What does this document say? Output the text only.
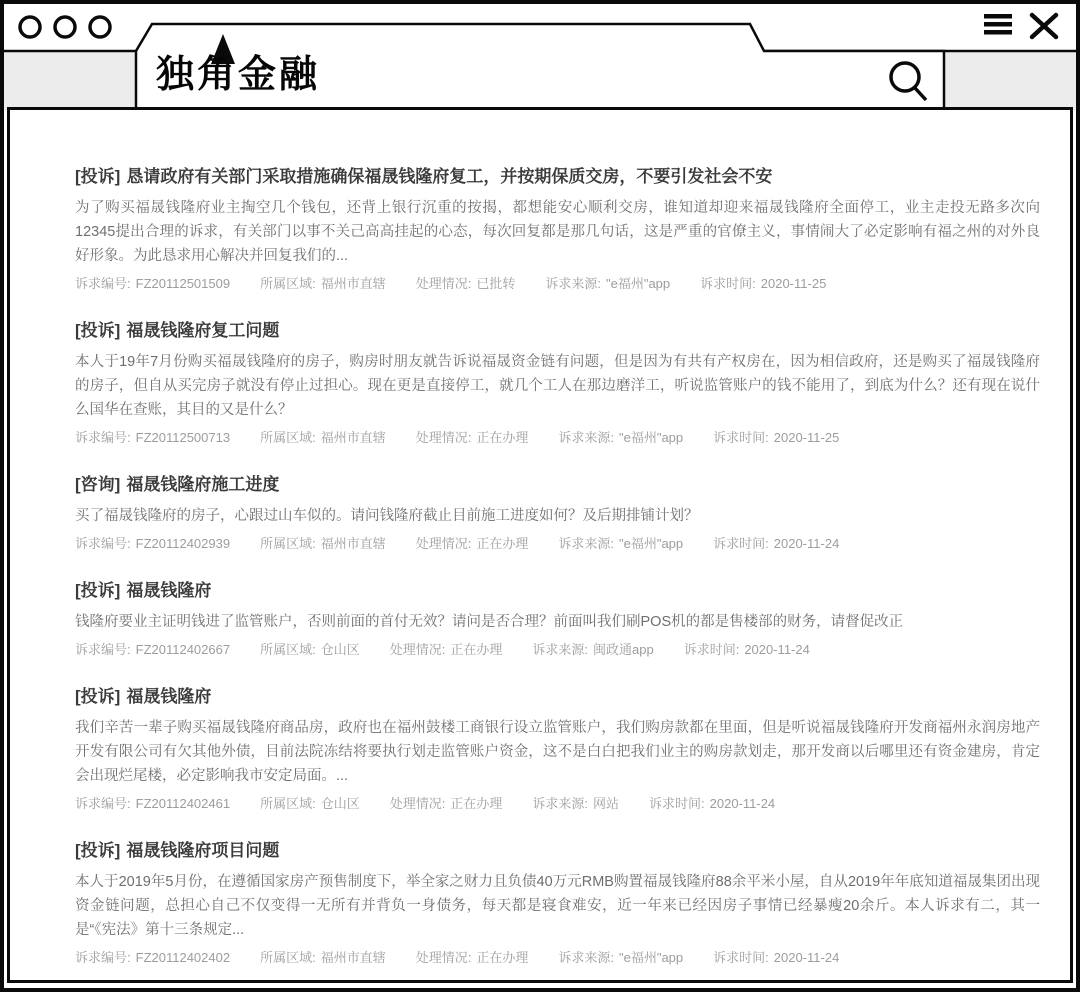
独角金融
[投诉] 恳请政府有关部门采取措施确保福晟钱隆府复工，并按期保质交房，不要引发社会不安
为了购买福晟钱隆府业主掏空几个钱包，还背上银行沉重的按揭，都想能安心顺利交房，谁知道却迎来福晟钱隆府全面停工，业主走投无路多次向12345提出合理的诉求，有关部门以事不关己高高挂起的心态，每次回复都是那几句话，这是严重的官僚主义，事情闹大了必定影响有福之州的对外良好形象。为此恳求用心解决并回复我们的...
诉求编号: FZ20112501509 所属区域: 福州市直辖 处理情况: 已批转 诉求来源: "e福州"app 诉求时间: 2020-11-25
[投诉] 福晟钱隆府复工问题
本人于19年7月份购买福晟钱隆府的房子，购房时朋友就告诉说福晟资金链有问题，但是因为有共有产权房在，因为相信政府，还是购买了福晟钱隆府的房子，但自从买完房子就没有停止过担心。现在更是直接停工，就几个工人在那边磨洋工，听说监管账户的钱不能用了，到底为什么？还有现在说什么国华在查账，其目的又是什么？
诉求编号: FZ20112500713 所属区域: 福州市直辖 处理情况: 正在办理 诉求来源: "e福州"app 诉求时间: 2020-11-25
[咨询] 福晟钱隆府施工进度
买了福晟钱隆府的房子，心跟过山车似的。请问钱隆府截止目前施工进度如何？及后期排铺计划？
诉求编号: FZ20112402939 所属区域: 福州市直辖 处理情况: 正在办理 诉求来源: "e福州"app 诉求时间: 2020-11-24
[投诉] 福晟钱隆府
钱隆府要业主证明钱进了监管账户，否则前面的首付无效？请问是否合理？前面叫我们刷POS机的都是售楼部的财务，请督促改正
诉求编号: FZ20112402667 所属区域: 仓山区 处理情况: 正在办理 诉求来源: 闽政通app 诉求时间: 2020-11-24
[投诉] 福晟钱隆府
我们辛苦一辈子购买福晟钱隆府商品房，政府也在福州鼓楼工商银行设立监管账户，我们购房款都在里面，但是听说福晟钱隆府开发商福州永润房地产开发有限公司有欠其他外债，目前法院冻结将要执行划走监管账户资金，这不是白白把我们业主的购房款划走，那开发商以后哪里还有资金建房，肯定会出现烂尾楼，必定影响我市安定局面。...
诉求编号: FZ20112402461 所属区域: 仓山区 处理情况: 正在办理 诉求来源: 网站 诉求时间: 2020-11-24
[投诉] 福晟钱隆府项目问题
本人于2019年5月份，在遵循国家房产预售制度下，举全家之财力且负债40万元RMB购置福晟钱隆府88余平米小屋，自从2019年年底知道福晟集团出现资金链问题，总担心自己不仅变得一无所有并背负一身债务，每天都是寝食难安，近一年来已经因房子事情已经暴瘦20余斤。本人诉求有二，其一是“《宪法》第十三条规定...
诉求编号: FZ20112402402 所属区域: 福州市直辖 处理情况: 正在办理 诉求来源: "e福州"app 诉求时间: 2020-11-24
